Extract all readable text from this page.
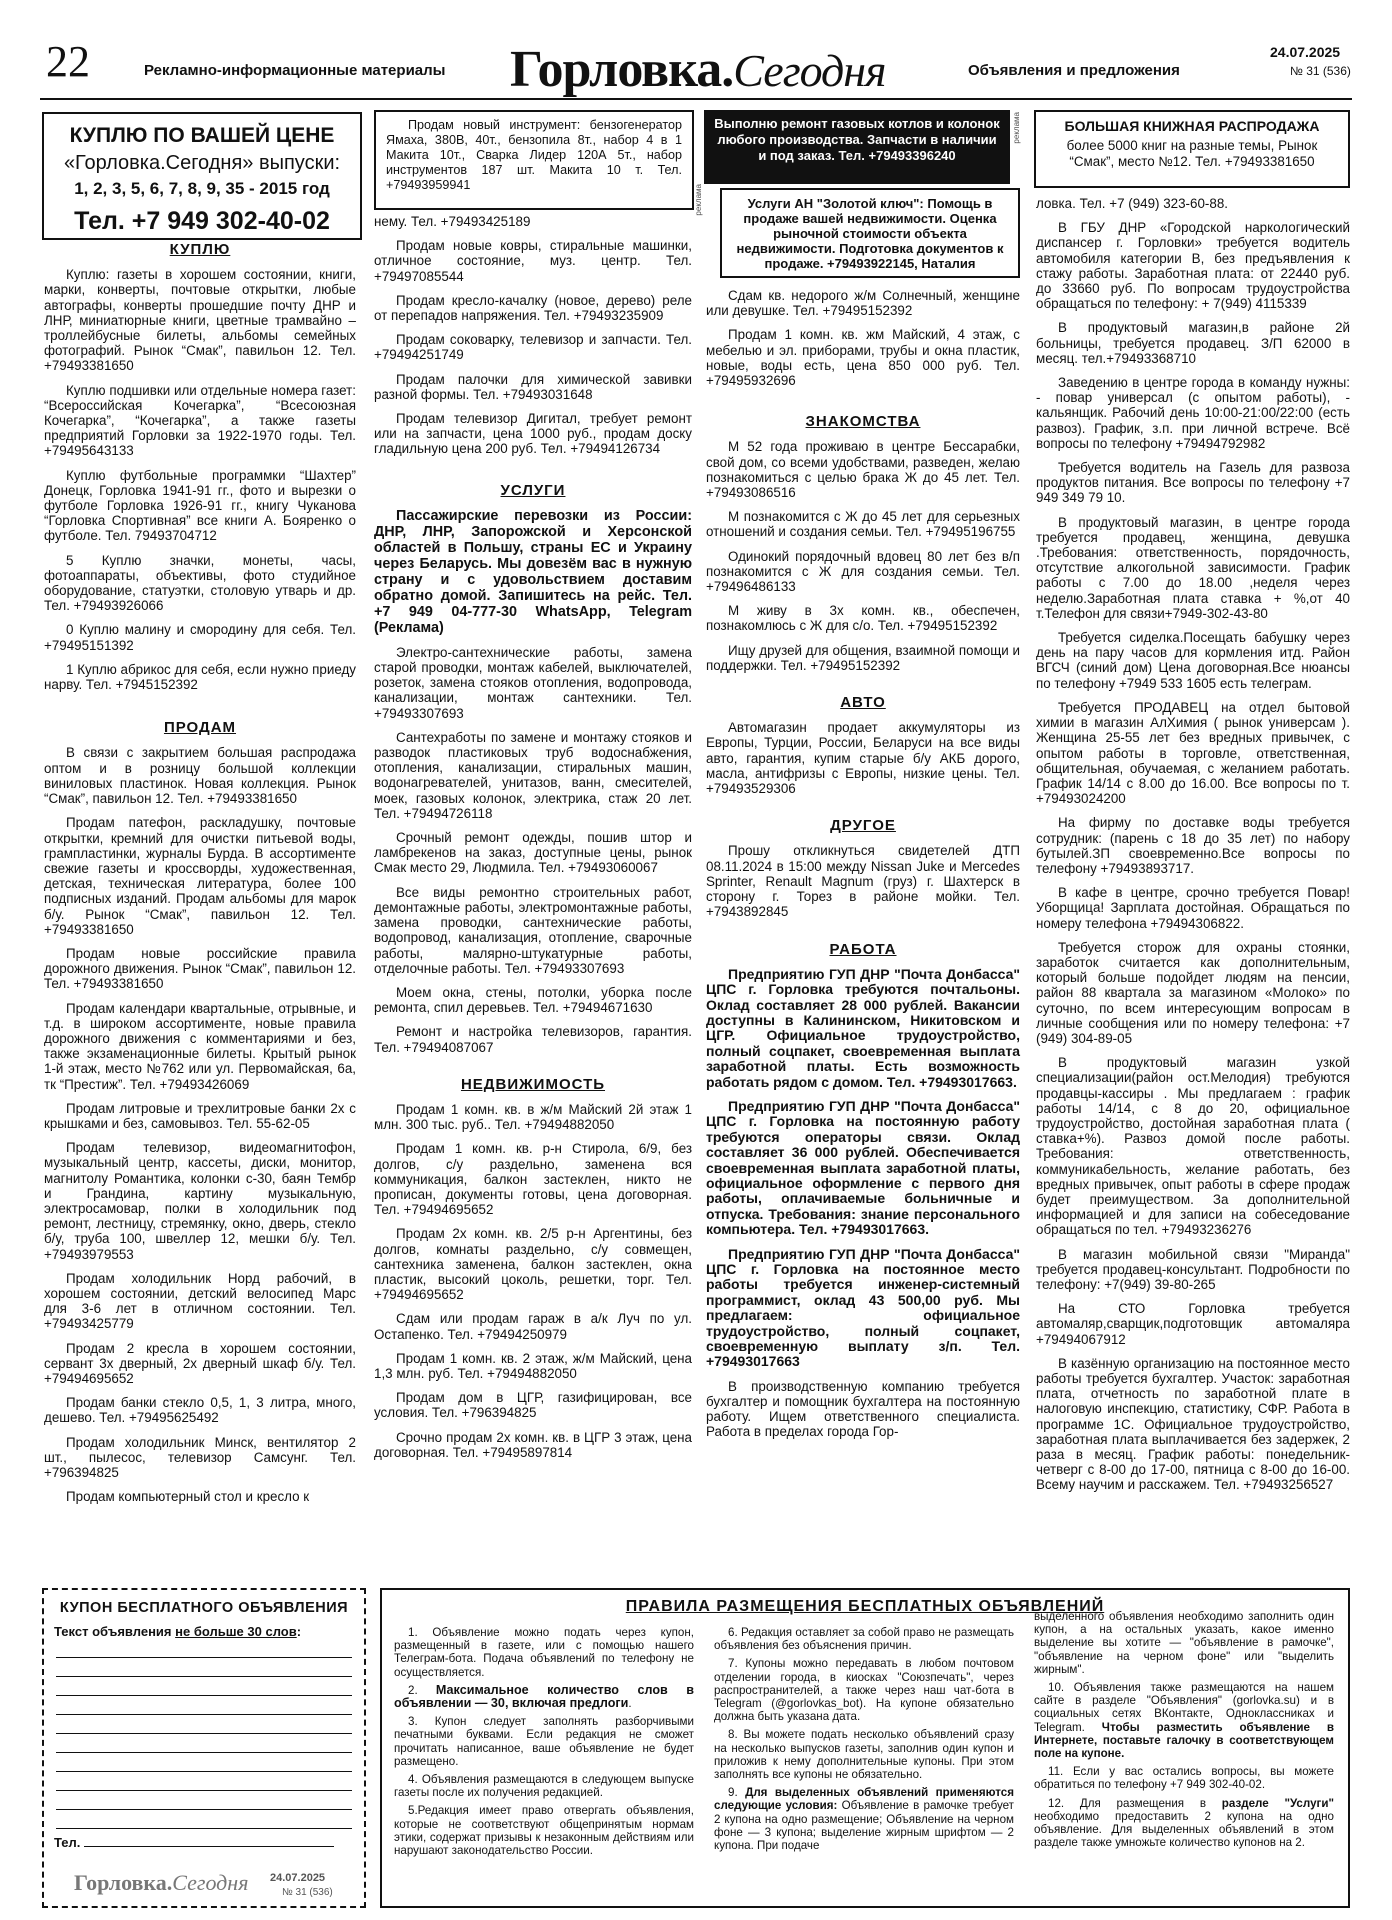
22	Рекламно-информационные материалы Горловка.Сегодня	Объявления и предложения
24.07.2025
№ 31 (536)
КУПЛЮ ПО ВАШЕЙ ЦЕНЕ
«Горловка.Сегодня» выпуски:
1, 2, 3, 5, 6, 7, 8, 9, 35 - 2015 год
Тел. +7 949 302-40-02
КУПЛЮ

Куплю: газеты в хорошем состоянии, книги, марки, конверты, почтовые открытки, любые автографы, конверты прошедшие почту ДНР и ЛНР, миниатюрные книги, цветные трамвайно – троллейбусные билеты, альбомы семейных фотографий. Рынок “Смак”, павильон 12. Тел. +79493381650

Куплю подшивки или отдельные номера газет: “Всероссийская Кочегарка”, “Всесоюзная Кочегарка”, “Кочегарка”, а также газеты предприятий Горловки за 1922-1970 годы. Тел. +79495643133

Куплю футбольные программки “Шахтер” Донецк, Горловка 1941-91 гг., фото и вырезки о футболе Горловка 1926-91 гг., книгу Чуканова “Горловка Спортивная” все книги А. Бояренко о футболе. Тел. 79493704712

5 Куплю значки, монеты, часы, фотоаппараты, объективы, фото студийное оборудование, статуэтки, столовую утварь и др. Тел. +79493926066

0 Куплю малину и смородину для себя. Тел. +79495151392

1 Куплю абрикос для себя, если нужно приеду нарву. Тел. +7945152392

ПРОДАМ

В связи с закрытием большая распродажа оптом и в розницу большой коллекции виниловых пластинок. Новая коллекция. Рынок “Смак”, павильон 12. Тел. +79493381650

Продам патефон, раскладушку, почтовые открытки, кремний для очистки питьевой воды, грампластинки, журналы Бурда. В ассортименте свежие газеты и кроссворды, художественная, детская, техническая литература, более 100 подписных изданий. Продам альбомы для марок б/у. Рынок “Смак”, павильон 12. Тел. +79493381650

Продам новые российские правила дорожного движения. Рынок “Смак”, павильон 12. Тел. +79493381650

Продам календари квартальные, отрывные, и т.д. в широком ассортименте, новые правила дорожного движения с комментариями и без, также экзаменационные билеты. Крытый рынок 1-й этаж, место №762 или ул. Первомайская, 6а, тк “Престиж”. Тел. +79493426069

Продам литровые и трехлитровые банки 2х с крышками и без, самовывоз. Тел. 55-62-05

Продам телевизор, видеомагнитофон, музыкальный центр, кассеты, диски, монитор, магнитолу Романтика, колонки с-30, баян Тембр и Грандина, картину музыкальную, электросамовар, полки в холодильник под ремонт, лестницу, стремянку, окно, дверь, стекло б/у, труба 100, швеллер 12, мешки б/у. Тел. +79493979553

Продам холодильник Норд рабочий, в хорошем состоянии, детский велосипед Марс для 3-6 лет в отличном состоянии. Тел. +79493425779

Продам 2 кресла в хорошем состоянии, сервант 3х дверный, 2х дверный шкаф б/у. Тел. +79494695652

Продам банки стекло 0,5, 1, 3 литра, много, дешево. Тел. +79495625492

Продам холодильник Минск, вентилятор 2 шт., пылесос, телевизор Самсунг. Тел. +796394825

Продам компьютерный стол и кресло к

Продам новый инструмент: бензогенератор Ямаха, 380В, 40т., бензопила 8т., набор 4 в 1 Макита 10т., Сварка Лидер 120А 5т., набор инструментов 187 шт. Макита 10 т. Тел. +79493959941

нему. Тел. +79493425189

Продам новые ковры, стиральные машинки, отличное состояние, муз. центр. Тел. +79497085544

Продам кресло-качалку (новое, дерево) реле от перепадов напряжения. Тел. +79493235909

Продам соковарку, телевизор и запчасти. Тел. +79494251749

Продам палочки для химической завивки разной формы. Тел. +79493031648

Продам телевизор Дигитал, требует ремонт или на запчасти, цена 1000 руб., продам доску гладильную цена 200 руб. Тел. +79494126734

УСЛУГИ

Пассажирские перевозки из России: ДНР, ЛНР, Запорожской и Херсонской областей в Польшу, страны ЕС и Украину через Беларусь. Мы довезём вас в нужную страну и с удовольствием доставим обратно домой. Запишитесь на рейс. Тел. +7 949 04-777-30 WhatsApp, Telegram (Реклама)

Электро-сантехнические работы, замена старой проводки, монтаж кабелей, выключателей, розеток, замена стояков отопления, водопровода, канализации, монтаж сантехники. Тел. +79493307693

Сантехработы по замене и монтажу стояков и разводок пластиковых труб водоснабжения, отопления, канализации, стиральных машин, водонагревателей, унитазов, ванн, смесителей, моек, газовых колонок, электрика, стаж 20 лет. Тел. +79494726118

Срочный ремонт одежды, пошив штор и ламбрекенов на заказ, доступные цены, рынок Смак место 29, Людмила. Тел. +79493060067

Все виды ремонтно строительных работ, демонтажные работы, электромонтажные работы, замена проводки, сантехнические работы, водопровод, канализация, отопление, сварочные работы, малярно-штукатурные работы, отделочные работы. Тел. +79493307693

Моем окна, стены, потолки, уборка после ремонта, спил деревьев. Тел. +79494671630

Ремонт и настройка телевизоров, гарантия. Тел. +79494087067

НЕДВИЖИМОСТЬ

Продам 1 комн. кв. в ж/м Майский 2й этаж 1 млн. 300 тыс. руб.. Тел. +79494882050

Продам 1 комн. кв. р-н Стирола, 6/9, без долгов, с/у раздельно, заменена вся коммуникация, балкон застеклен, никто не прописан, документы готовы, цена договорная. Тел. +79494695652

Продам 2х комн. кв. 2/5 р-н Аргентины, без долгов, комнаты раздельно, с/у совмещен, сантехника заменена, балкон застеклен, окна пластик, высокий цоколь, решетки, торг. Тел. +79494695652

Сдам или продам гараж в а/к Луч по ул. Остапенко. Тел. +79494250979

Продам 1 комн. кв. 2 этаж, ж/м Майский, цена 1,3 млн. руб. Тел. +79494882050

Продам дом в ЦГР, газифицирован, все условия. Тел. +796394825

Срочно продам 2х комн. кв. в ЦГР 3 этаж, цена договорная. Тел. +79495897814

Выполню ремонт газовых котлов и колонок любого производства. Запчасти в наличии и под заказ. Тел. +79493396240
реклама
Услуги АН "Золотой ключ": Помощь в продаже вашей недвижимости. Оценка рыночной стоимости объекта недвижимости. Подготовка документов к продаже. +79493922145, Наталия
реклама

Сдам кв. недорого ж/м Солнечный, женщине или девушке. Тел. +79495152392

Продам 1 комн. кв. жм Майский, 4 этаж, с мебелью и эл. приборами, трубы и окна пластик, новые, воды есть, цена 850 000 руб. Тел. +79495932696

ЗНАКОМСТВА

М 52 года проживаю в центре Бессарабки, свой дом, со всеми удобствами, разведен, желаю познакомиться с целью брака Ж до 45 лет. Тел. +79493086516

М познакомится с Ж до 45 лет для серьезных отношений и создания семьи. Тел. +79495196755

Одинокий порядочный вдовец 80 лет без в/п познакомится с Ж для создания семьи. Тел. +79496486133

М живу в 3х комн. кв., обеспечен, познакомлюсь с Ж для с/о. Тел. +79495152392

Ищу друзей для общения, взаимной помощи и поддержки. Тел. +79495152392

АВТО

Автомагазин продает аккумуляторы из Европы, Турции, России, Беларуси на все виды авто, гарантия, купим старые б/у АКБ дорого, масла, антифризы с Европы, низкие цены. Тел. +79493529306

ДРУГОЕ

Прошу откликнуться свидетелей ДТП 08.11.2024 в 15:00 между Nissan Juke и Mercedes Sprinter, Renault Magnum (груз) г. Шахтерск в сторону г. Торез в районе мойки. Тел. +7943892845

РАБОТА

Предприятию ГУП ДНР "Почта Донбасса" ЦПС г. Горловка требуются почтальоны. Оклад составляет 28 000 рублей. Вакансии доступны в Калининском, Никитовском и ЦГР. Официальное трудоустройство, полный соцпакет, своевременная выплата заработной платы. Есть возможность работать рядом с домом. Тел. +79493017663.

Предприятию ГУП ДНР "Почта Донбасса" ЦПС г. Горловка на постоянную работу требуются операторы связи. Оклад составляет 36 000 рублей. Обеспечивается своевременная выплата заработной платы, официальное оформление с первого дня работы, оплачиваемые больничные и отпуска. Требования: знание персонального компьютера. Тел. +79493017663.

Предприятию ГУП ДНР "Почта Донбасса" ЦПС г. Горловка на постоянное место работы требуется инженер-системный программист, оклад 43 500,00 руб. Мы предлагаем: официальное трудоустройство, полный соцпакет, своевременную выплату з/п. Тел. +79493017663

В производственную компанию требуется бухгалтер и помощник бухгалтера на постоянную работу. Ищем ответственного специалиста. Работа в пределах города Гор-

БОЛЬШАЯ КНИЖНАЯ РАСПРОДАЖА
более 5000 книг на разные темы, Рынок “Смак”, место №12. Тел. +79493381650

ловка. Тел. +7 (949) 323-60-88.

В ГБУ ДНР «Городской наркологический диспансер г. Горловки» требуется водитель автомобиля категории В, без предъявления к стажу работы. Заработная плата: от 22440 руб. до 33660 руб. По вопросам трудоустройства обращаться по телефону: + 7(949) 4115339

В продуктовый магазин,в районе 2й больницы, требуется продавец. З/П 62000 в месяц. тел.+79493368710

Заведению в центре города в команду нужны: - повар универсал (с опытом работы), - кальянщик. Рабочий день 10:00-21:00/22:00 (есть развоз). График, з.п. при личной встрече. Всё вопросы по телефону +79494792982

Требуется водитель на Газель для развоза продуктов питания. Все вопросы по телефону +7 949 349 79 10.

В продуктовый магазин, в центре города требуется продавец, женщина, девушка .Требования: ответственность, порядочность, отсутствие алкогольной зависимости. График работы с 7.00 до 18.00 ,неделя через неделю.Заработная плата ставка + %,от 40 т.Телефон для связи+7949-302-43-80

Требуется сиделка.Посещать бабушку через день на пару часов для кормления итд. Район ВГСЧ (синий дом) Цена договорная.Все нюансы по телефону +7949 533 1605 есть телеграм.

Требуется ПРОДАВЕЦ на отдел бытовой химии в магазин АлХимия ( рынок универсам ). Женщина 25-55 лет без вредных привычек, с опытом работы в торговле, ответственная, общительная, обучаемая, с желанием работать. График 14/14 с 8.00 до 16.00. Все вопросы по т. +79493024200

На фирму по доставке воды требуется сотрудник: (парень с 18 до 35 лет) по набору бутылей.ЗП своевременно.Все вопросы по телефону +79493893717.

В кафе в центре, срочно требуется Повар! Уборщица! Зарплата достойная. Обращаться по номеру телефона +79494306822.

Требуется сторож для охраны стоянки, заработок считается как дополнительным, который больше подойдет людям на пенсии, район 88 квартала за магазином «Молоко» по суточно, по всем интересующим вопросам в личные сообщения или по номеру телефона: +7 (949) 304-89-05

В продуктовый магазин узкой специализации(район ост.Мелодия) требуются продавцы-кассиры . Мы предлагаем : график работы 14/14, с 8 до 20, официальное трудоустройство, достойная заработная плата ( ставка+%). Развоз домой после работы. Требования: ответственность, коммуникабельность, желание работать, без вредных привычек, опыт работы в сфере продаж будет преимуществом. За дополнительной информацией и для записи на собеседование обращаться по тел. +79493236276

В магазин мобильной связи "Миранда" требуется продавец-консультант. Подробности по телефону: +7(949) 39-80-265

На СТО Горловка требуется автомаляр,сварщик,подготовщик автомаляра +79494067912

В казённую организацию на постоянное место работы требуется бухгалтер. Участок: заработная плата, отчетность по заработной плате в налоговую инспекцию, статистику, СФР. Работа в программе 1С. Официальное трудоустройство, заработная плата выплачивается без задержек, 2 раза в месяц. График работы: понедельник- четверг с 8-00 до 17-00, пятница с 8-00 до 16-00. Всему научим и расскажем. Тел. +79493256527

КУПОН БЕСПЛАТНОГО ОБЪЯВЛЕНИЯ
Текст объявления не больше 30 слов:
Тел.
Горловка.Сегодня 24.07.2025
№ 31 (536)
ПРАВИЛА РАЗМЕЩЕНИЯ БЕСПЛАТНЫХ ОБЪЯВЛЕНИЙ

1. Объявление можно подать через купон, размещенный в газете, или с помощью нашего Телеграм-бота. Подача объявлений по телефону не осуществляется.

2. Максимальное количество слов в объявлении — 30, включая предлоги.

3. Купон следует заполнять разборчивыми печатными буквами. Если редакция не сможет прочитать написанное, ваше объявление не будет размещено.

4. Объявления размещаются в следующем выпуске газеты после их получения редакцией.

5.Редакция имеет право отвергать объявления, которые не соответствуют общепринятым нормам этики, содержат призывы к незаконным действиям или нарушают законодательство России.

6. Редакция оставляет за собой право не размещать объявления без объяснения причин.

7. Купоны можно передавать в любом почтовом отделении города, в киосках "Союзпечать", через распространителей, а также через наш чат-бота в Telegram (@gorlovkas_bot). На купоне обязательно должна быть указана дата.

8. Вы можете подать несколько объявлений сразу на несколько выпусков газеты, заполнив один купон и приложив к нему дополнительные купоны. При этом заполнять все купоны не обязательно.

9. Для выделенных объявлений применяются следующие условия: Объявление в рамочке требует 2 купона на одно размещение; Объявление на черном фоне — 3 купона; выделение жирным шрифтом — 2 купона. При подаче

выделенного объявления необходимо заполнить один купон, а на остальных указать, какое именно выделение вы хотите — "объявление в рамочке", "объявление на черном фоне" или "выделить жирным".

10. Объявления также размещаются на нашем сайте в разделе "Объявления" (gorlovka.su) и в социальных сетях ВКонтакте, Одноклассниках и Telegram. Чтобы разместить объявление в Интернете, поставьте галочку в соответствующем поле на купоне.

11. Если у вас остались вопросы, вы можете обратиться по телефону +7 949 302-40-02.

12. Для размещения в разделе "Услуги" необходимо предоставить 2 купона на одно объявление. Для выделенных объявлений в этом разделе также умножьте количество купонов на 2.
